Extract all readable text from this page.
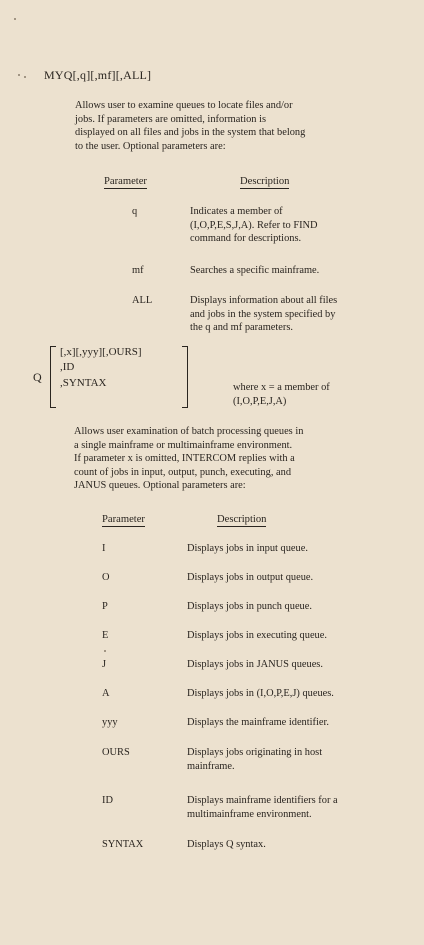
MYQ[,q][,mf][,ALL]
Allows user to examine queues to locate files and/or
jobs. If parameters are omitted, information is
displayed on all files and jobs in the system that belong
to the user. Optional parameters are:
Parameter	Description
q	Indicates a member of
(I,O,P,E,S,J,A). Refer to FIND
command for descriptions.
mf	Searches a specific mainframe.
ALL	Displays information about all files
and jobs in the system specified by
the q and mf parameters.
Q
[,x][,yyy][,OURS]
,ID
,SYNTAX	where x = a member of
(I,O,P,E,J,A)
Allows user examination of batch processing queues in
a single mainframe or multimainframe environment.
If parameter x is omitted, INTERCOM replies with a
count of jobs in input, output, punch, executing, and
JANUS queues. Optional parameters are:
Parameter	Description
I	Displays jobs in input queue.
O	Displays jobs in output queue.
P	Displays jobs in punch queue.
E	Displays jobs in executing queue.
J	Displays jobs in JANUS queues.
A	Displays jobs in (I,O,P,E,J) queues.
yyy	Displays the mainframe identifier.
OURS	Displays jobs originating in host
mainframe.
ID	Displays mainframe identifiers for a
multimainframe environment.
SYNTAX	Displays Q syntax.
